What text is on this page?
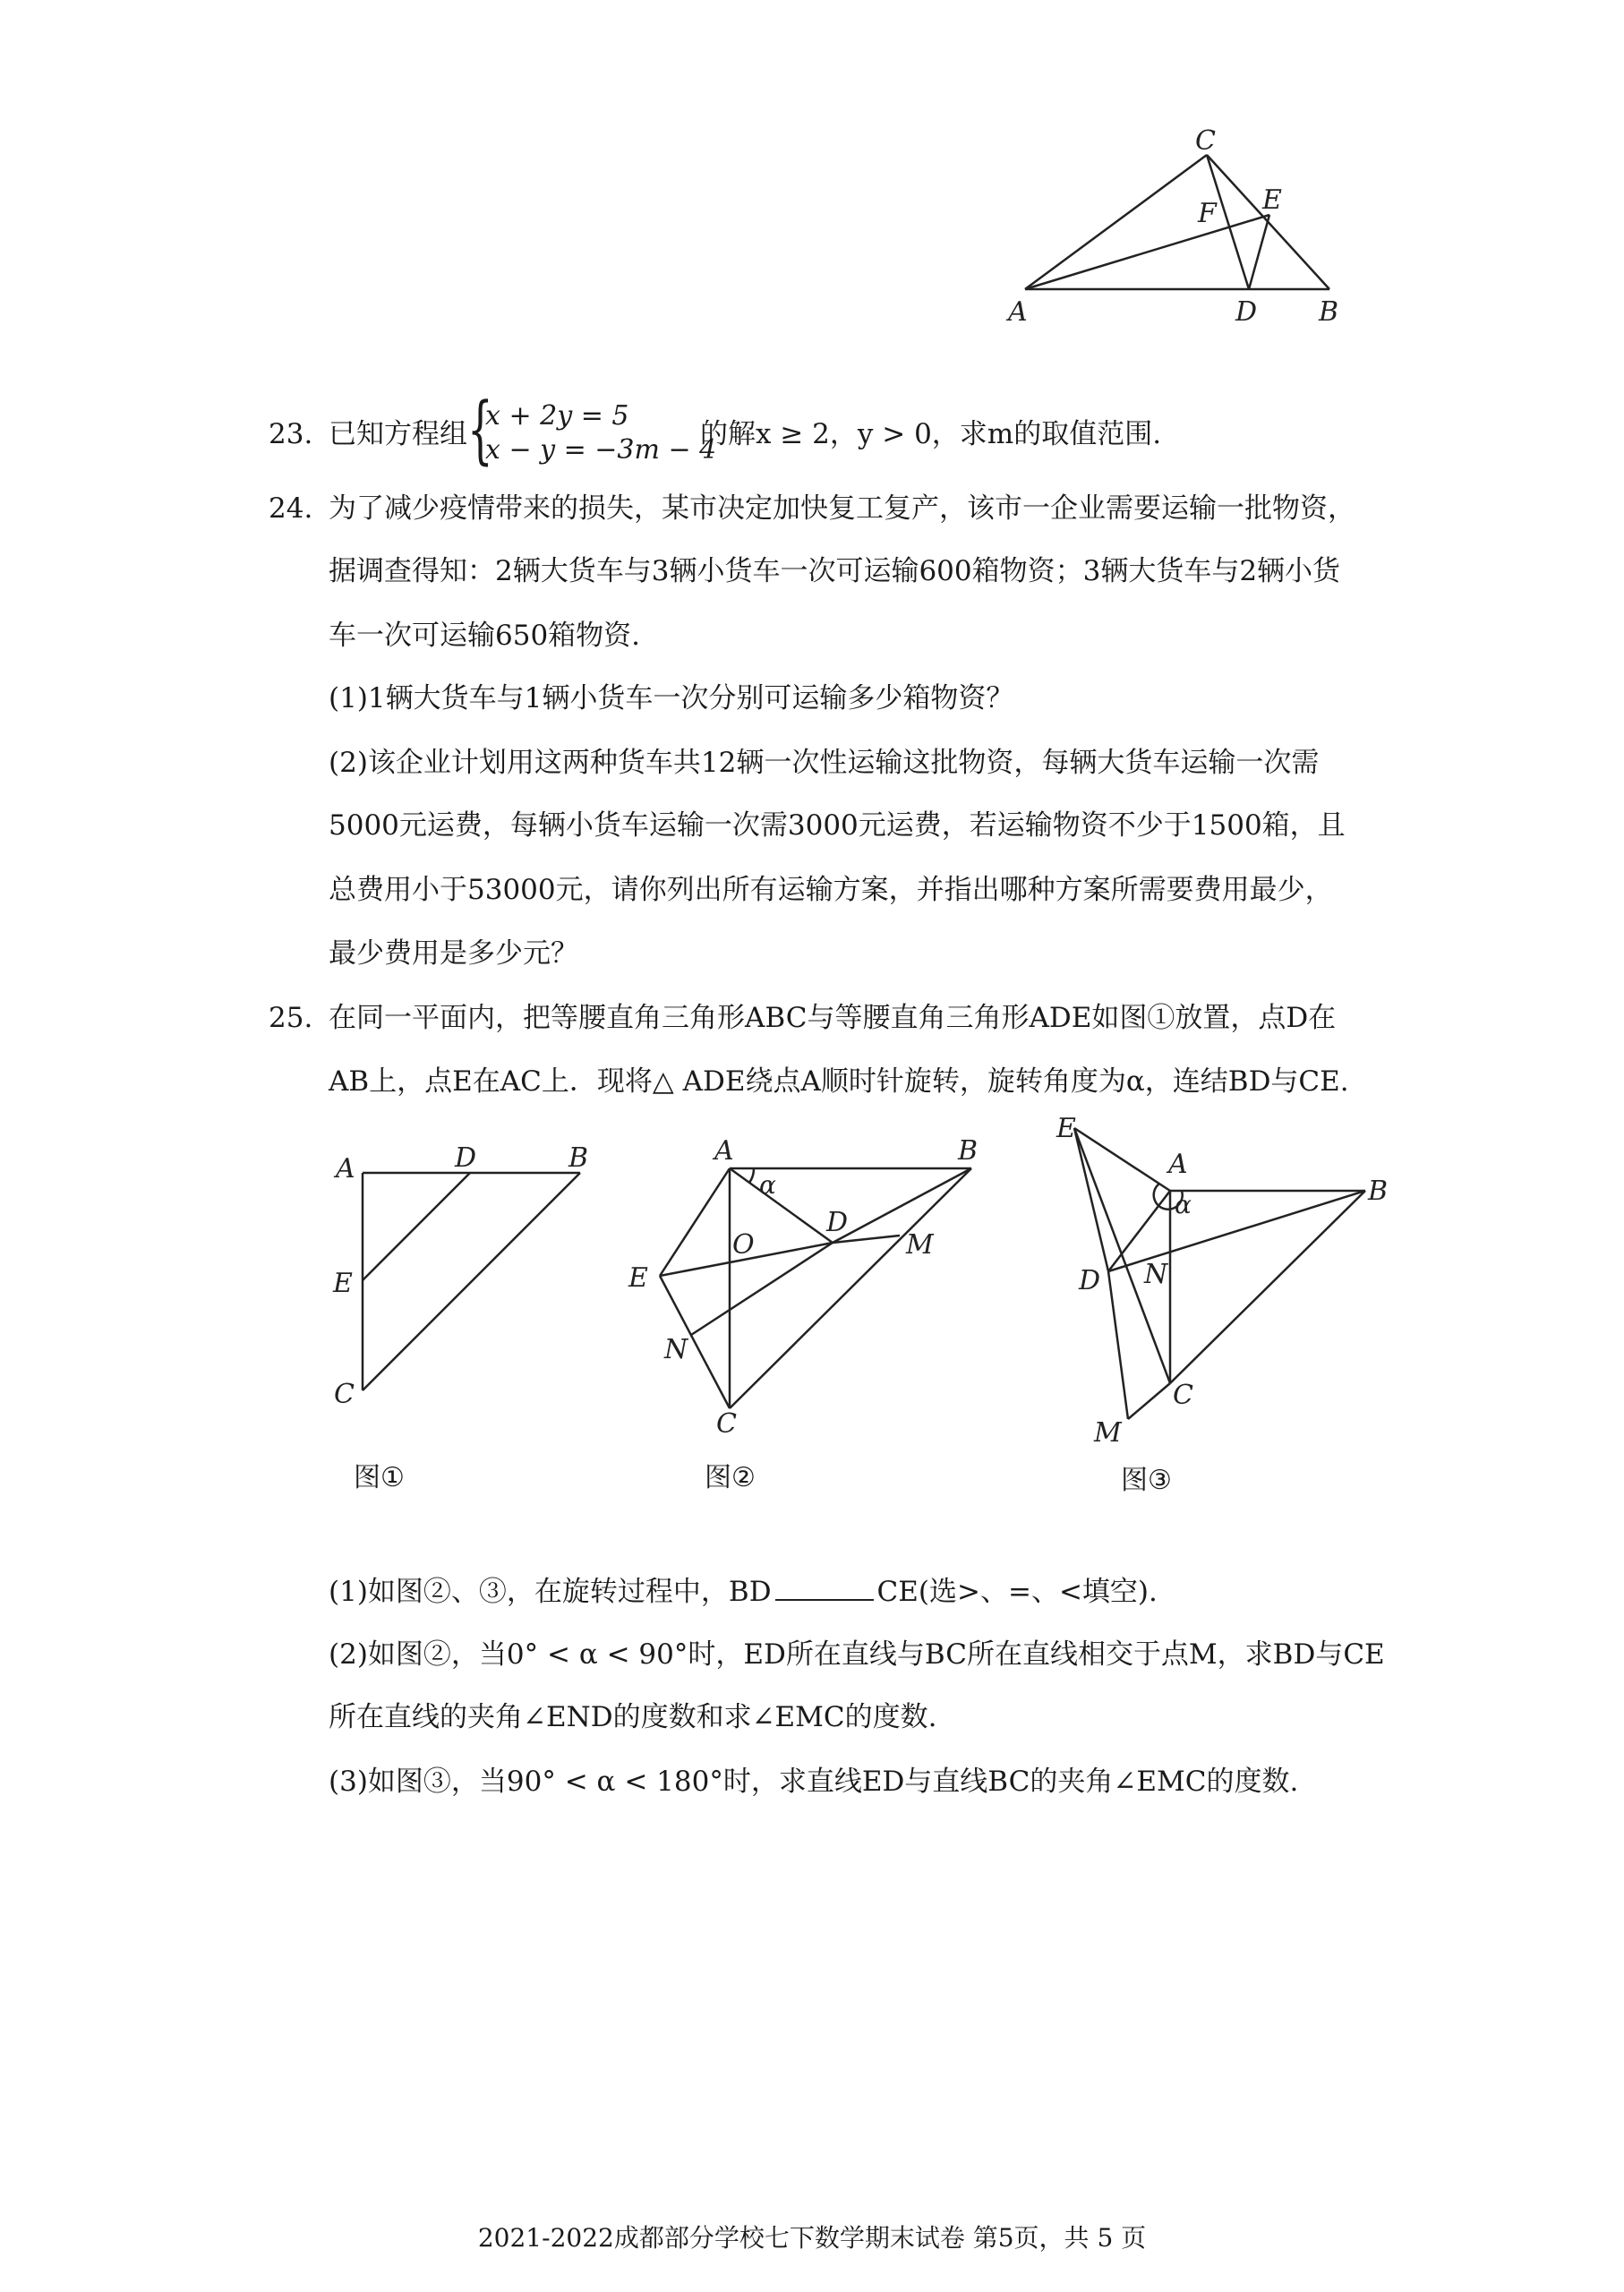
C
E
F
A	D B
23. 已知方程组 {
x + 2y = 5
x − y = −3m − 4
的解x ≥ 2，y > 0，求m的取值范围.
24. 为了减少疫情带来的损失，某市决定加快复工复产，该市一企业需要运输一批物资，
据调查得知：2辆大货车与3辆小货车一次可运输600箱物资；3辆大货车与2辆小货
车一次可运输650箱物资.
(1)1辆大货车与1辆小货车一次分别可运输多少箱物资？
(2)该企业计划用这两种货车共12辆一次性运输这批物资，每辆大货车运输一次需
5000元运费，每辆小货车运输一次需3000元运费，若运输物资不少于1500箱，且
总费用小于53000元，请你列出所有运输方案，并指出哪种方案所需要费用最少，
最少费用是多少元？
25. 在同一平面内，把等腰直角三角形ABC与等腰直角三角形ADE如图①放置，点D在
AB上，点E在AC上．现将△ ADE绕点A顺时针旋转，旋转角度为α，连结BD与CE.
A	D	B
E
C
图①
A	B
α
D
O	M
E
N
C
图②
E
A
α	B
D N
C
M
图③
(1)如图②、③，在旋转过程中，BD	CE(选>、=、<填空).
(2)如图②，当0° < α < 90°时，ED所在直线与BC所在直线相交于点M，求BD与CE
所在直线的夹角∠END的度数和求∠EMC的度数.
(3)如图③，当90° < α < 180°时，求直线ED与直线BC的夹角∠EMC的度数.
2021-2022成都部分学校七下数学期末试卷 第5页，共 5 页
